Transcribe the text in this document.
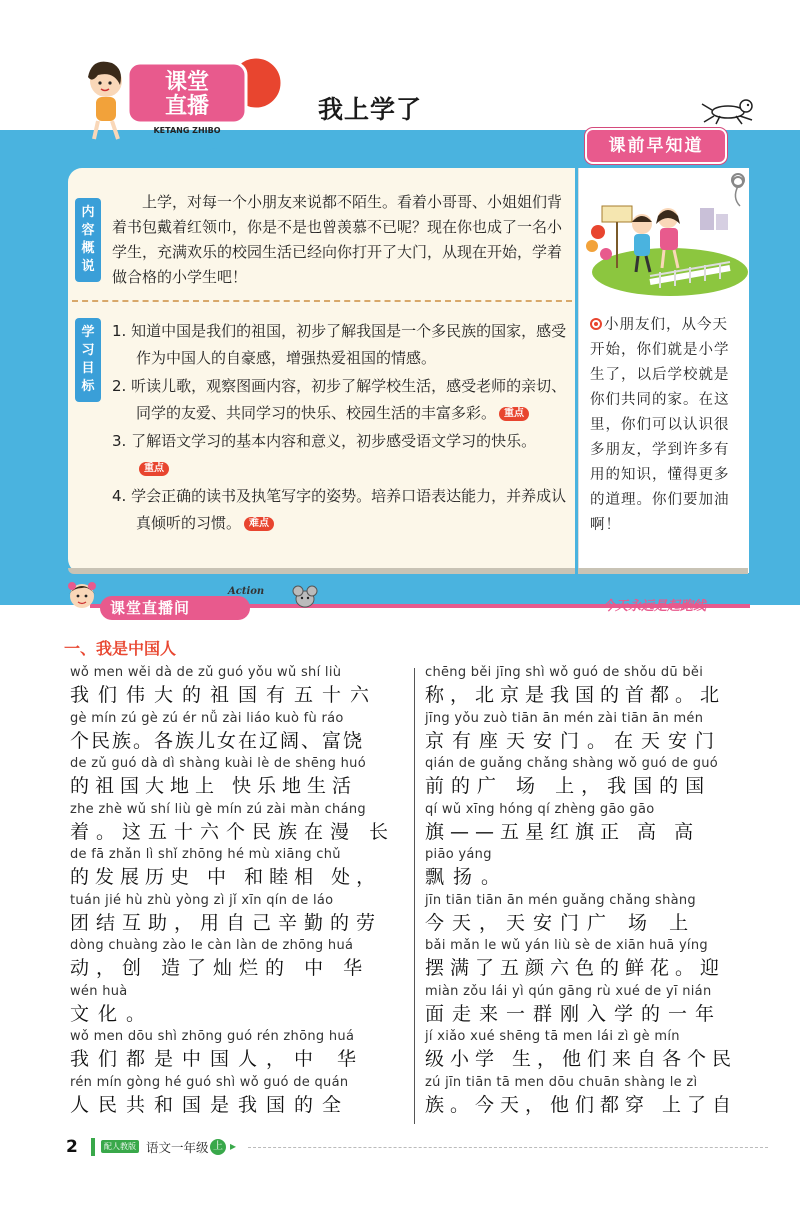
课堂
直播
KETANG ZHIBO
我上学了
课前早知道
内容概说
上学，对每一个小朋友来说都不陌生。看着小哥哥、小姐姐们背着书包戴着红领巾，你是不是也曾羡慕不已呢？现在你也成了一名小学生，充满欢乐的校园生活已经向你打开了大门，从现在开始，学着做合格的小学生吧！
学习目标
1. 知道中国是我们的祖国，初步了解我国是一个多民族的国家，感受作为中国人的自豪感，增强热爱祖国的情感。
2. 听读儿歌，观察图画内容，初步了解学校生活，感受老师的亲切、同学的友爱、共同学习的快乐、校园生活的丰富多彩。 重点
3. 了解语文学习的基本内容和意义，初步感受语文学习的快乐。重点
4. 学会正确的读书及执笔写字的姿势。培养口语表达能力，并养成认真倾听的习惯。 难点
小朋友们，从今天开始，你们就是小学生了，以后学校就是你们共同的家。在这里，你们可以认识很多朋友，学到许多有用的知识，懂得更多的道理。你们要加油啊！
课堂直播间
Action
今天永远是起跑线
一、我是中国人
wǒ men wěi dà de zǔ guó yǒu wǔ shí liù
我们伟大的祖国有五十六
gè mín zú gè zú ér nǚ zài liáo kuò fù ráo
个民族。各族儿女在辽阔、富饶
de zǔ guó dà dì shàng kuài lè de shēng huó
的祖国大地上 快乐地生活
zhe zhè wǔ shí liù gè mín zú zài màn cháng
着。这五十六个民族在漫 长
de fā zhǎn lì shǐ zhōng hé mù xiāng chǔ
的发展历史 中 和睦相 处，
tuán jié hù zhù yòng zì jǐ xīn qín de láo
团结互助，用自己辛勤的劳
dòng chuàng zào le càn làn de zhōng huá
动，创 造了灿烂的 中 华
wén huà
文化。
wǒ men dōu shì zhōng guó rén zhōng huá
我们都是中国人，中 华
rén mín gòng hé guó shì wǒ guó de quán
人民共和国是我国的全
chēng běi jīng shì wǒ guó de shǒu dū běi
称，北京是我国的首都。北
jīng yǒu zuò tiān ān mén zài tiān ān mén
京有座天安门。在天安门
qián de guǎng chǎng shàng wǒ guó de guó
前的广 场 上，我国的国
qí wǔ xīng hóng qí zhèng gāo gāo
旗——五星红旗正 高 高
piāo yáng
飘扬。
jīn tiān tiān ān mén guǎng chǎng shàng
今天，天安门广 场 上
bǎi mǎn le wǔ yán liù sè de xiān huā yíng
摆满了五颜六色的鲜花。迎
miàn zǒu lái yì qún gāng rù xué de yī nián
面走来一群刚入学的一年
jí xiǎo xué shēng tā men lái zì gè mín
级小学 生，他们来自各个民
zú jīn tiān tā men dōu chuān shàng le zì
族。今天，他们都穿 上了自
2	配人教版 语文一年级 上 ▸
